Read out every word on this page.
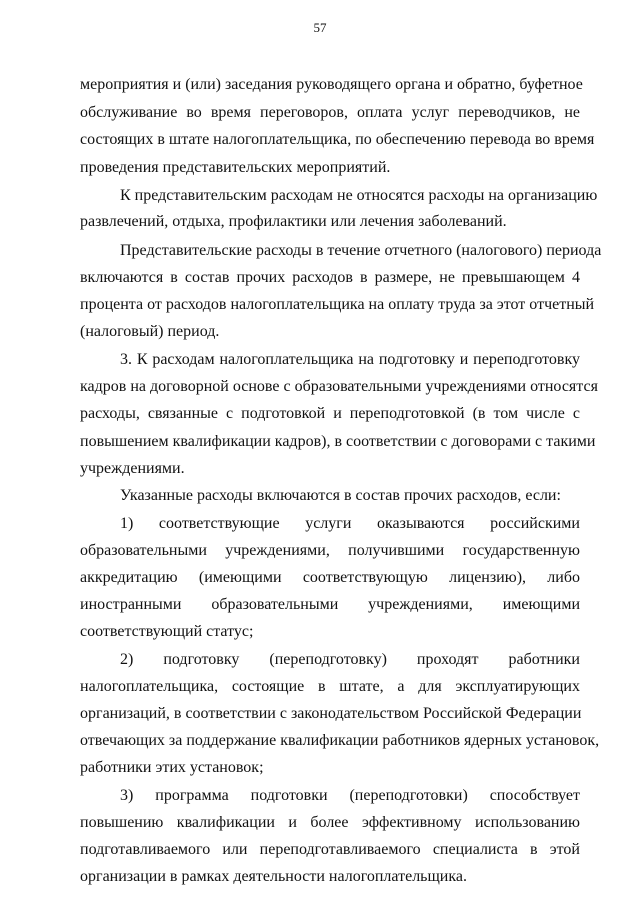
57
мероприятия и (или) заседания руководящего органа и обратно, буфетное
обслуживание во время переговоров, оплата услуг переводчиков, не
состоящих в штате налогоплательщика, по обеспечению перевода во время
проведения представительских мероприятий.
К представительским расходам не относятся расходы на организацию
развлечений, отдыха, профилактики или лечения заболеваний.
Представительские расходы в течение отчетного (налогового) периода
включаются в состав прочих расходов в размере, не превышающем 4
процента от расходов налогоплательщика на оплату труда за этот отчетный
(налоговый) период.
3. К расходам налогоплательщика на подготовку и переподготовку
кадров на договорной основе с образовательными учреждениями относятся
расходы, связанные с подготовкой и переподготовкой (в том числе с
повышением квалификации кадров), в соответствии с договорами с такими
учреждениями.
Указанные расходы включаются в состав прочих расходов, если:
1) соответствующие услуги оказываются российскими
образовательными учреждениями, получившими государственную
аккредитацию (имеющими соответствующую лицензию), либо
иностранными образовательными учреждениями, имеющими
соответствующий статус;
2) подготовку (переподготовку) проходят работники
налогоплательщика, состоящие в штате, а для эксплуатирующих
организаций, в соответствии с законодательством Российской Федерации
отвечающих за поддержание квалификации работников ядерных установок,
работники этих установок;
3) программа подготовки (переподготовки) способствует
повышению квалификации и более эффективному использованию
подготавливаемого или переподготавливаемого специалиста в этой
организации в рамках деятельности налогоплательщика.
